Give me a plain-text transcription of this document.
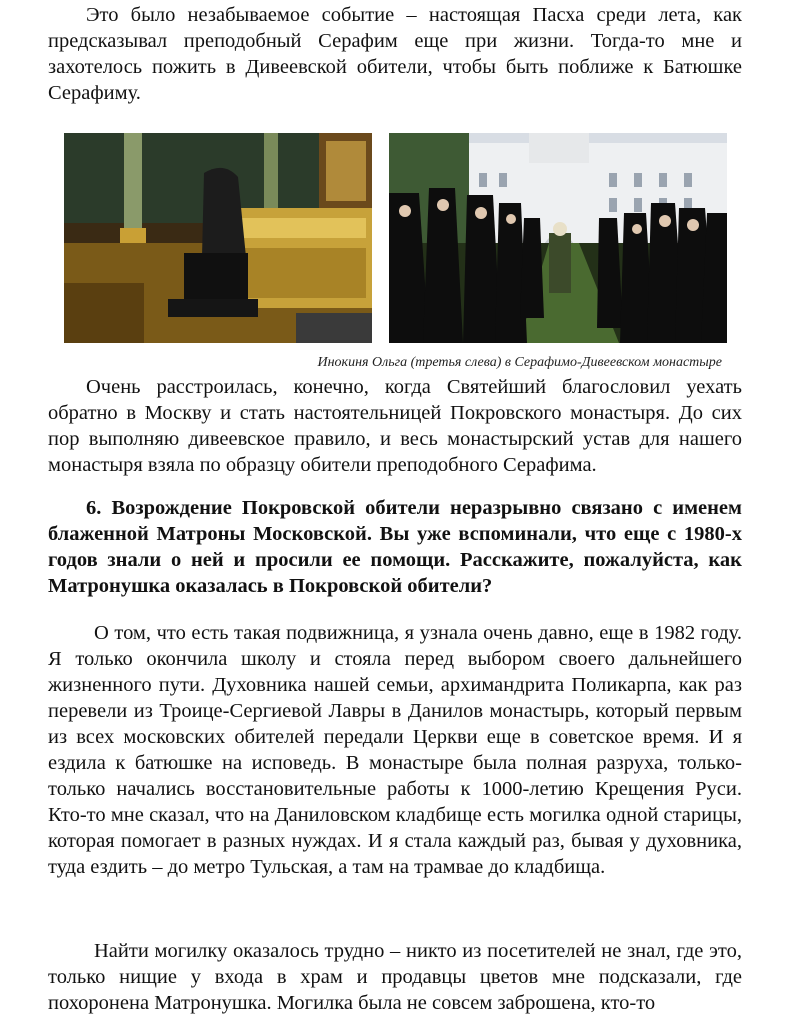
Это было незабываемое событие – настоящая Пасха среди лета, как предсказывал преподобный Серафим еще при жизни. Тогда-то мне и захотелось пожить в Дивеевской обители, чтобы быть поближе к Батюшке Серафиму.

Инокиня Ольга (третья слева) в Серафимо-Дивеевском монастыре

Очень расстроилась, конечно, когда Святейший благословил уехать обратно в Москву и стать настоятельницей Покровского монастыря. До сих пор выполняю дивеевское правило, и весь монастырский устав для нашего монастыря взяла по образцу обители преподобного Серафима.

6. Возрождение Покровской обители неразрывно связано с именем блаженной Матроны Московской. Вы уже вспоминали, что еще с 1980-х годов знали о ней и просили ее помощи. Расскажите, пожалуйста, как Матронушка оказалась в Покровской обители?

О том, что есть такая подвижница, я узнала очень давно, еще в 1982 году. Я только окончила школу и стояла перед выбором своего дальнейшего жизненного пути. Духовника нашей семьи, архимандрита Поликарпа, как раз перевели из Троице-Сергиевой Лавры в Данилов монастырь, который первым из всех московских обителей передали Церкви еще в советское время. И я ездила к батюшке на исповедь. В монастыре была полная разруха, только-только начались восстановительные работы к 1000-летию Крещения Руси. Кто-то мне сказал, что на Даниловском кладбище есть могилка одной старицы, которая помогает в разных нуждах. И я стала каждый раз, бывая у духовника, туда ездить – до метро Тульская, а там на трамвае до кладбища.

Найти могилку оказалось трудно – никто из посетителей не знал, где это, только нищие у входа в храм и продавцы цветов мне подсказали, где похоронена Матронушка. Могилка была не совсем заброшена, кто-то
